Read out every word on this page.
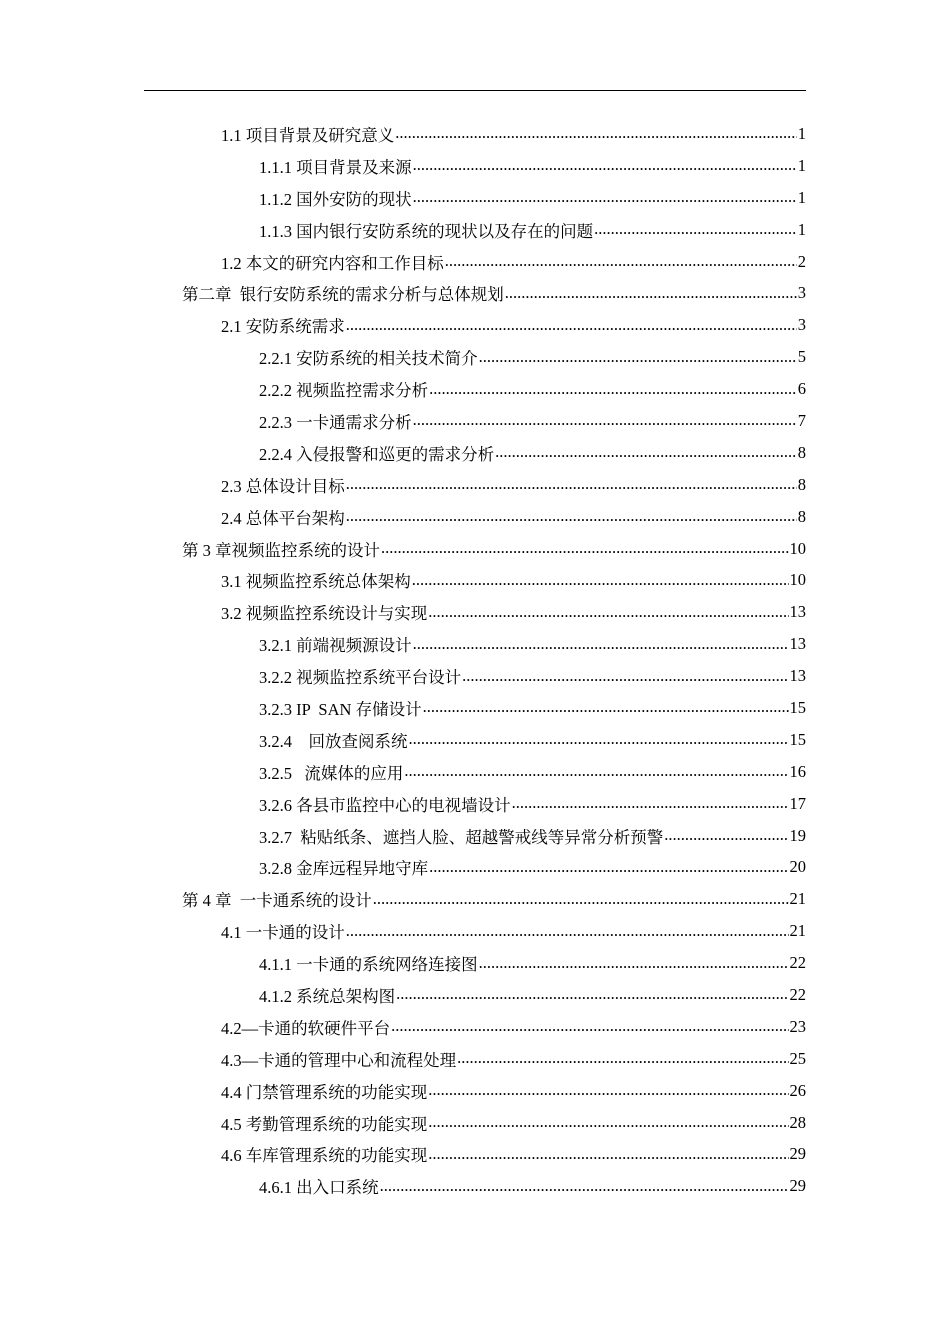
1.1 项目背景及研究意义 .....	1
1.1.1 项目背景及来源 .....	1
1.1.2 国外安防的现状 .....	1
1.1.3 国内银行安防系统的现状以及存在的问题 .....	1
1.2 本文的研究内容和工作目标 .....	2
第二章  银行安防系统的需求分析与总体规划 .....	3
2.1 安防系统需求 .....	3
2.2.1 安防系统的相关技术简介 .....	5
2.2.2 视频监控需求分析 .....	6
2.2.3 一卡通需求分析 .....	7
2.2.4 入侵报警和巡更的需求分析 .....	8
2.3 总体设计目标 .....	8
2.4 总体平台架构 .....	8
第 3 章视频监控系统的设计 .....	10
3.1 视频监控系统总体架构 .....	10
3.2 视频监控系统设计与实现 .....	13
3.2.1 前端视频源设计 .....	13
3.2.2 视频监控系统平台设计 .....	13
3.2.3 IP  SAN 存储设计 .....	15
3.2.4    回放查阅系统 .....	15
3.2.5   流媒体的应用 .....	16
3.2.6 各县市监控中心的电视墙设计 .....	17
3.2.7  粘贴纸条、遮挡人脸、超越警戒线等异常分析预警 .....	19
3.2.8 金库远程异地守库 .....	20
第 4 章  一卡通系统的设计 .....	21
4.1 一卡通的设计 .....	21
4.1.1 一卡通的系统网络连接图 .....	22
4.1.2 系统总架构图 .....	22
4.2—卡通的软硬件平台 .....	23
4.3—卡通的管理中心和流程处理 .....	25
4.4 门禁管理系统的功能实现 .....	26
4.5 考勤管理系统的功能实现 .....	28
4.6 车库管理系统的功能实现 .....	29
4.6.1 出入口系统 .....	29
